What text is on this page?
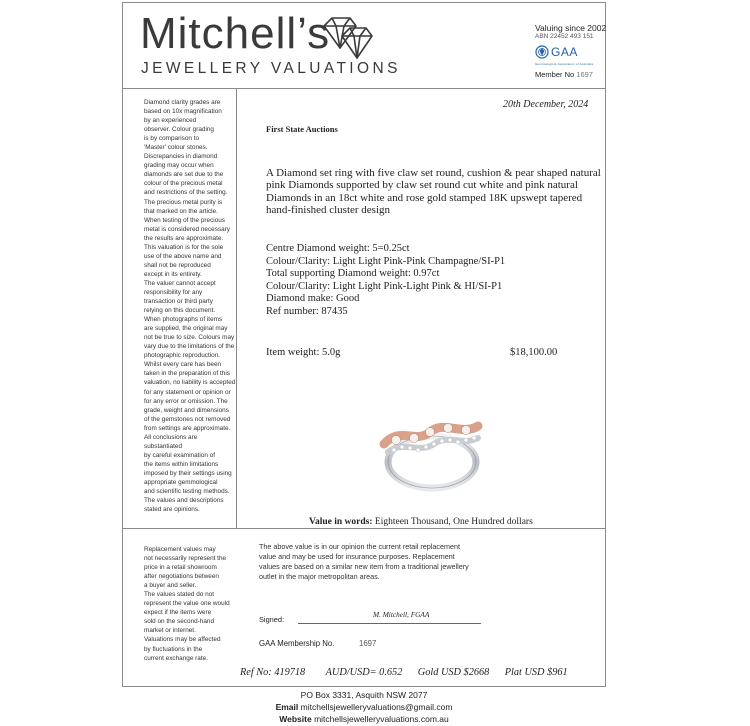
Mitchell’s
JEWELLERY VALUATIONS
Valuing since 2002
ABN 22452 493 151
GAA
Gemmologists Association of Australia
Member No 1697
Diamond clarity grades are
based on 10x magnification
by an experienced
observer. Colour grading
is by comparison to
'Master' colour stones.
Discrepancies in diamond
grading may occur when
diamonds are set due to the
colour of the precious metal
and restrictions of the setting.
The precious metal purity is
that marked on the article.
When testing of the precious
metal is considered necessary
the results are approximate.
This valuation is for the sole
use of the above name and
shall not be reproduced
except in its entirety.
The valuer cannot accept
responsibility for any
transaction or third party
relying on this document.
When photographs of items
are supplied, the original may
not be true to size. Colours may
vary due to the limitations of the
photographic reproduction.
Whilst every care has been
taken in the preparation of this
valuation, no liability is accepted
for any statement or opinion or
for any error or omission. The
grade, weight and dimensions
of the gemstones not removed
from settings are approximate.
All conclusions are substantiated
by careful examination of
the items within limitations
imposed by their settings using
appropriate gemmological
and scientific testing methods.
The values and descriptions
stated are opinions.
Replacement values may
not necessarily represent the
price in a retail showroom
after negotiations between
a buyer and seller.
The values stated do not
represent the value one would
expect if the items were
sold on the second-hand
market or internet.
Valuations may be affected
by fluctuations in the
current exchange rate.
20th December, 2024
First State Auctions
A Diamond set ring with five claw set round, cushion & pear shaped natural pink Diamonds supported by claw set round cut white and pink natural Diamonds in an 18ct white and rose gold stamped 18K upswept tapered hand-finished cluster design
Centre Diamond weight: 5=0.25ct
Colour/Clarity: Light Light Pink-Pink Champagne/SI-P1
Total supporting Diamond weight: 0.97ct
Colour/Clarity: Light Light Pink-Light Pink & HI/SI-P1
Diamond make: Good
Ref number: 87435
Item weight: 5.0g	$18,100.00
Value in words: Eighteen Thousand, One Hundred dollars
The above value is in our opinion the current retail replacement value and may be used for insurance purposes. Replacement values are based on a similar new item from a traditional jewellery outlet in the major metropolitan areas.
Signed:
M. Mitchell, FGAA
GAA Membership No.	1697
Ref No: 419718        AUD/USD= 0.652      Gold USD $2668      Plat USD $961
PO Box 3331, Asquith NSW 2077
Email mitchellsjewelleryvaluations@gmail.com
Website mitchellsjewelleryvaluations.com.au
